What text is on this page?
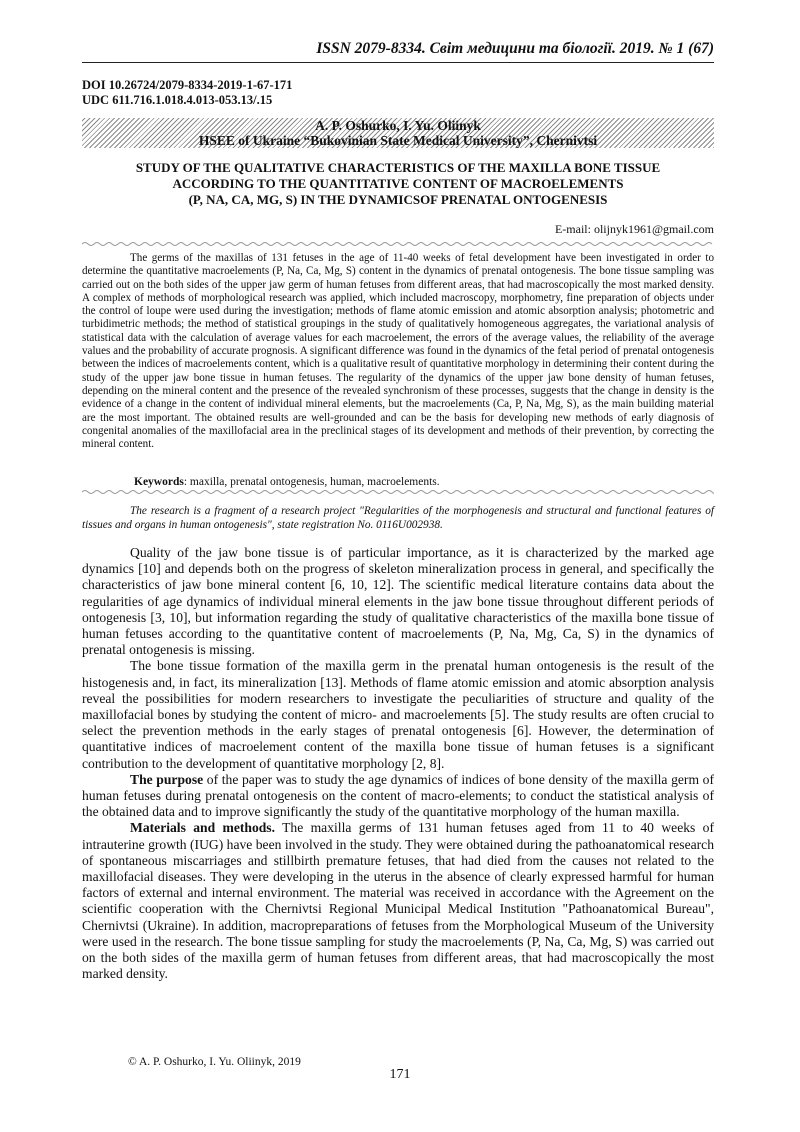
ISSN 2079-8334. Світ медицини та біології. 2019. № 1 (67)
DOI 10.26724/2079-8334-2019-1-67-171
UDC 611.716.1.018.4.013-053.13/.15
A. P. Oshurko, I. Yu. Oliinyk
HSEE of Ukraine “Bukovinian State Medical University”, Chernivtsi
STUDY OF THE QUALITATIVE CHARACTERISTICS OF THE MAXILLA BONE TISSUE
ACCORDING TO THE QUANTITATIVE CONTENT OF MACROELEMENTS
(P, NA, CA, MG, S) IN THE DYNAMICSOF PRENATAL ONTOGENESIS
E-mail: olijnyk1961@gmail.com

The germs of the maxillas of 131 fetuses in the age of 11-40 weeks of fetal development have been investigated in order to determine the quantitative macroelements (P, Na, Ca, Mg, S) content in the dynamics of prenatal ontogenesis. The bone tissue sampling was carried out on the both sides of the upper jaw germ of human fetuses from different areas, that had macroscopically the most marked density. A complex of methods of morphological research was applied, which included macroscopy, morphometry, fine preparation of objects under the control of loupe were used during the investigation; methods of flame atomic emission and atomic absorption analysis; photometric and turbidimetric methods; the method of statistical groupings in the study of qualitatively homogeneous aggregates, the variational analysis of statistical data with the calculation of average values for each macroelement, the errors of the average values, the reliability of the average values and the probability of accurate prognosis. A significant difference was found in the dynamics of the fetal period of prenatal ontogenesis between the indices of macroelements content, which is a qualitative result of quantitative morphology in determining their content during the study of the upper jaw bone tissue in human fetuses. The regularity of the dynamics of the upper jaw bone density of human fetuses, depending on the mineral content and the presence of the revealed synchronism of these processes, suggests that the change in density is the evidence of a change in the content of individual mineral elements, but the macroelements (Ca, P, Na, Mg, S), as the main building material are the most important. The obtained results are well-grounded and can be the basis for developing new methods of early diagnosis of congenital anomalies of the maxillofacial area in the preclinical stages of its development and methods of their prevention, by correcting the mineral content.

Keywords: maxilla, prenatal ontogenesis, human, macroelements.
The research is a fragment of a research project "Regularities of the morphogenesis and structural and functional features of tissues and organs in human ontogenesis", state registration No. 0116U002938.

Quality of the jaw bone tissue is of particular importance, as it is characterized by the marked age dynamics [10] and depends both on the progress of skeleton mineralization process in general, and specifically the characteristics of jaw bone mineral content [6, 10, 12]. The scientific medical literature contains data about the regularities of age dynamics of individual mineral elements in the jaw bone tissue throughout different periods of ontogenesis [3, 10], but information regarding the study of qualitative characteristics of the maxilla bone tissue of human fetuses according to the quantitative content of macroelements (P, Na, Mg, Ca, S) in the dynamics of prenatal ontogenesis is missing.

The bone tissue formation of the maxilla germ in the prenatal human ontogenesis is the result of the histogenesis and, in fact, its mineralization [13]. Methods of flame atomic emission and atomic absorption analysis reveal the possibilities for modern researchers to investigate the peculiarities of structure and quality of the maxillofacial bones by studying the content of micro- and macroelements [5]. The study results are often crucial to select the prevention methods in the early stages of prenatal ontogenesis [6]. However, the determination of quantitative indices of macroelement content of the maxilla bone tissue of human fetuses is a significant contribution to the development of quantitative morphology [2, 8].

The purpose of the paper was to study the age dynamics of indices of bone density of the maxilla germ of human fetuses during prenatal ontogenesis on the content of macro-elements; to conduct the statistical analysis of the obtained data and to improve significantly the study of the quantitative morphology of the human maxilla.

Materials and methods. The maxilla germs of 131 human fetuses aged from 11 to 40 weeks of intrauterine growth (IUG) have been involved in the study. They were obtained during the pathoanatomical research of spontaneous miscarriages and stillbirth premature fetuses, that had died from the causes not related to the maxillofacial diseases. They were developing in the uterus in the absence of clearly expressed harmful for human factors of external and internal environment. The material was received in accordance with the Agreement on the scientific cooperation with the Chernivtsi Regional Municipal Medical Institution "Pathoanatomical Bureau", Chernivtsi (Ukraine). In addition, macropreparations of fetuses from the Morphological Museum of the University were used in the research. The bone tissue sampling for study the macroelements (P, Na, Ca, Mg, S) was carried out on the both sides of the maxilla germ of human fetuses from different areas, that had macroscopically the most marked density.

© A. P. Oshurko, I. Yu. Oliinyk, 2019
171
